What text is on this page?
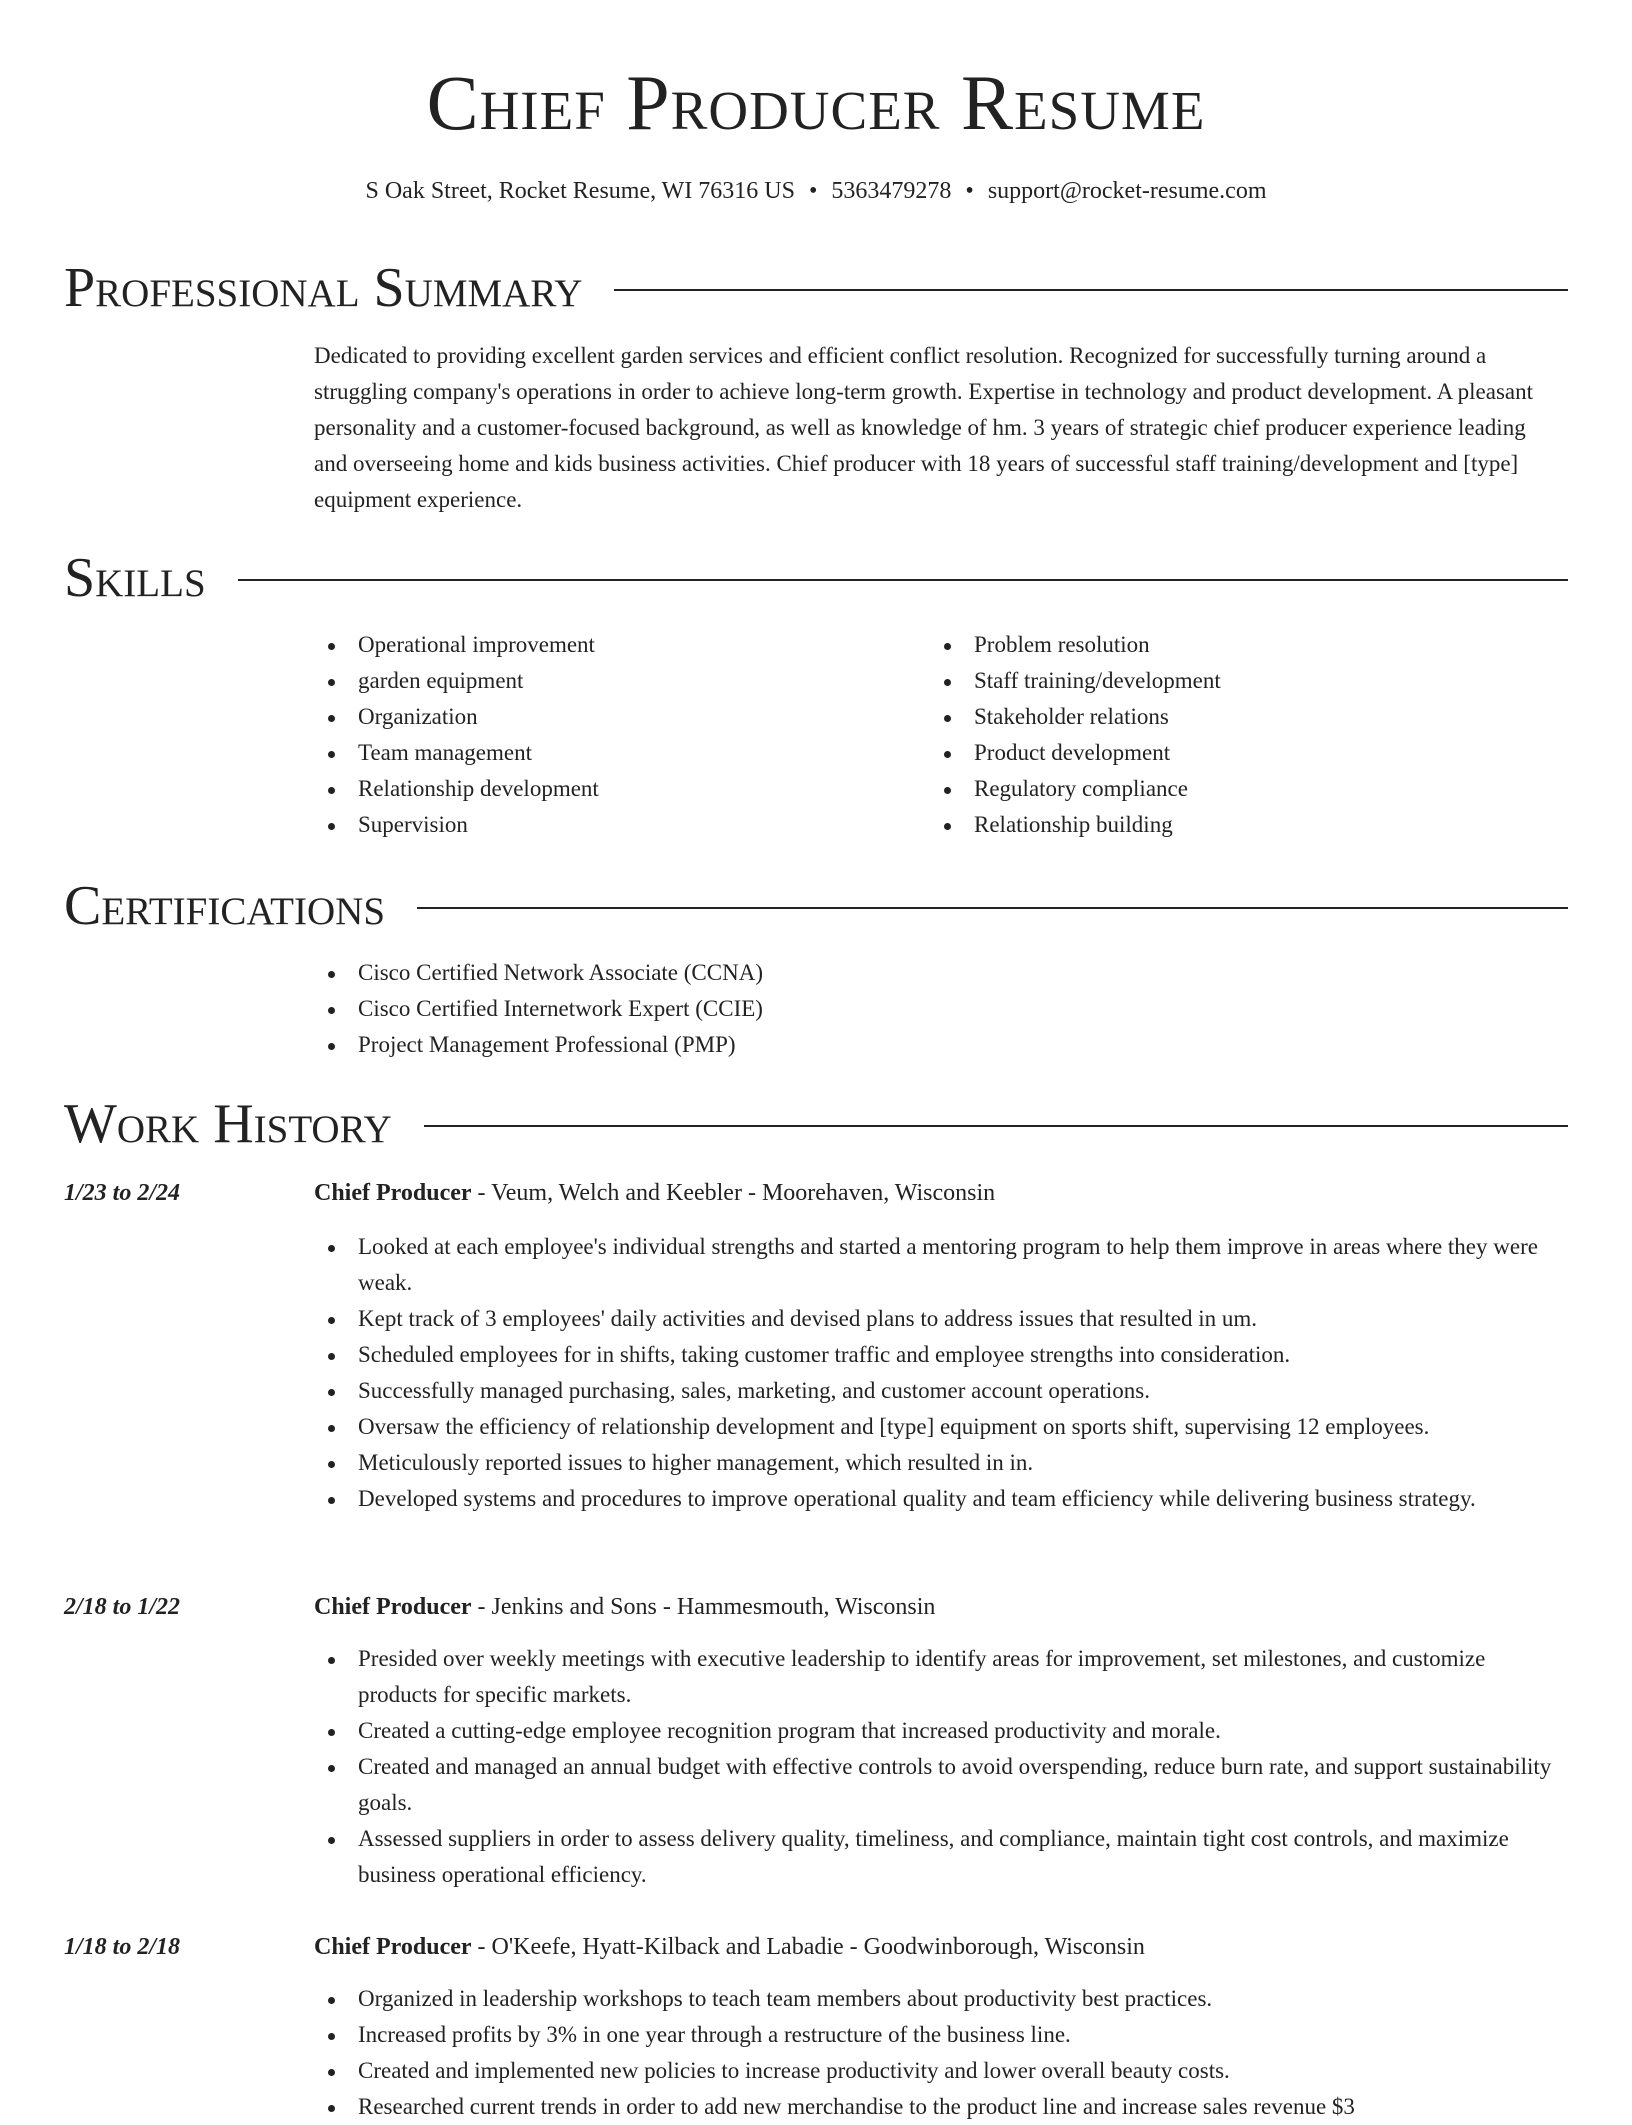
Chief Producer Resume
S Oak Street, Rocket Resume, WI 76316 US • 5363479278 • support@rocket-resume.com
Professional Summary

Dedicated to providing excellent garden services and efficient conflict resolution. Recognized for successfully turning around a struggling company's operations in order to achieve long-term growth. Expertise in technology and product development. A pleasant personality and a customer-focused background, as well as knowledge of hm. 3 years of strategic chief producer experience leading and overseeing home and kids business activities. Chief producer with 18 years of successful staff training/development and [type] equipment experience.

Skills
Operational improvement
garden equipment
Organization
Team management
Relationship development
Supervision
Problem resolution
Staff training/development
Stakeholder relations
Product development
Regulatory compliance
Relationship building
Certifications
Cisco Certified Network Associate (CCNA)
Cisco Certified Internetwork Expert (CCIE)
Project Management Professional (PMP)
Work History
1/23 to 2/24	Chief Producer - Veum, Welch and Keebler - Moorehaven, Wisconsin
Looked at each employee's individual strengths and started a mentoring program to help them improve in areas where they were weak.
Kept track of 3 employees' daily activities and devised plans to address issues that resulted in um.
Scheduled employees for in shifts, taking customer traffic and employee strengths into consideration.
Successfully managed purchasing, sales, marketing, and customer account operations.
Oversaw the efficiency of relationship development and [type] equipment on sports shift, supervising 12 employees.
Meticulously reported issues to higher management, which resulted in in.
Developed systems and procedures to improve operational quality and team efficiency while delivering business strategy.
2/18 to 1/22	Chief Producer - Jenkins and Sons - Hammesmouth, Wisconsin
Presided over weekly meetings with executive leadership to identify areas for improvement, set milestones, and customize products for specific markets.
Created a cutting-edge employee recognition program that increased productivity and morale.
Created and managed an annual budget with effective controls to avoid overspending, reduce burn rate, and support sustainability goals.
Assessed suppliers in order to assess delivery quality, timeliness, and compliance, maintain tight cost controls, and maximize business operational efficiency.
1/18 to 2/18	Chief Producer - O'Keefe, Hyatt-Kilback and Labadie - Goodwinborough, Wisconsin
Organized in leadership workshops to teach team members about productivity best practices.
Increased profits by 3% in one year through a restructure of the business line.
Created and implemented new policies to increase productivity and lower overall beauty costs.
Researched current trends in order to add new merchandise to the product line and increase sales revenue $3
